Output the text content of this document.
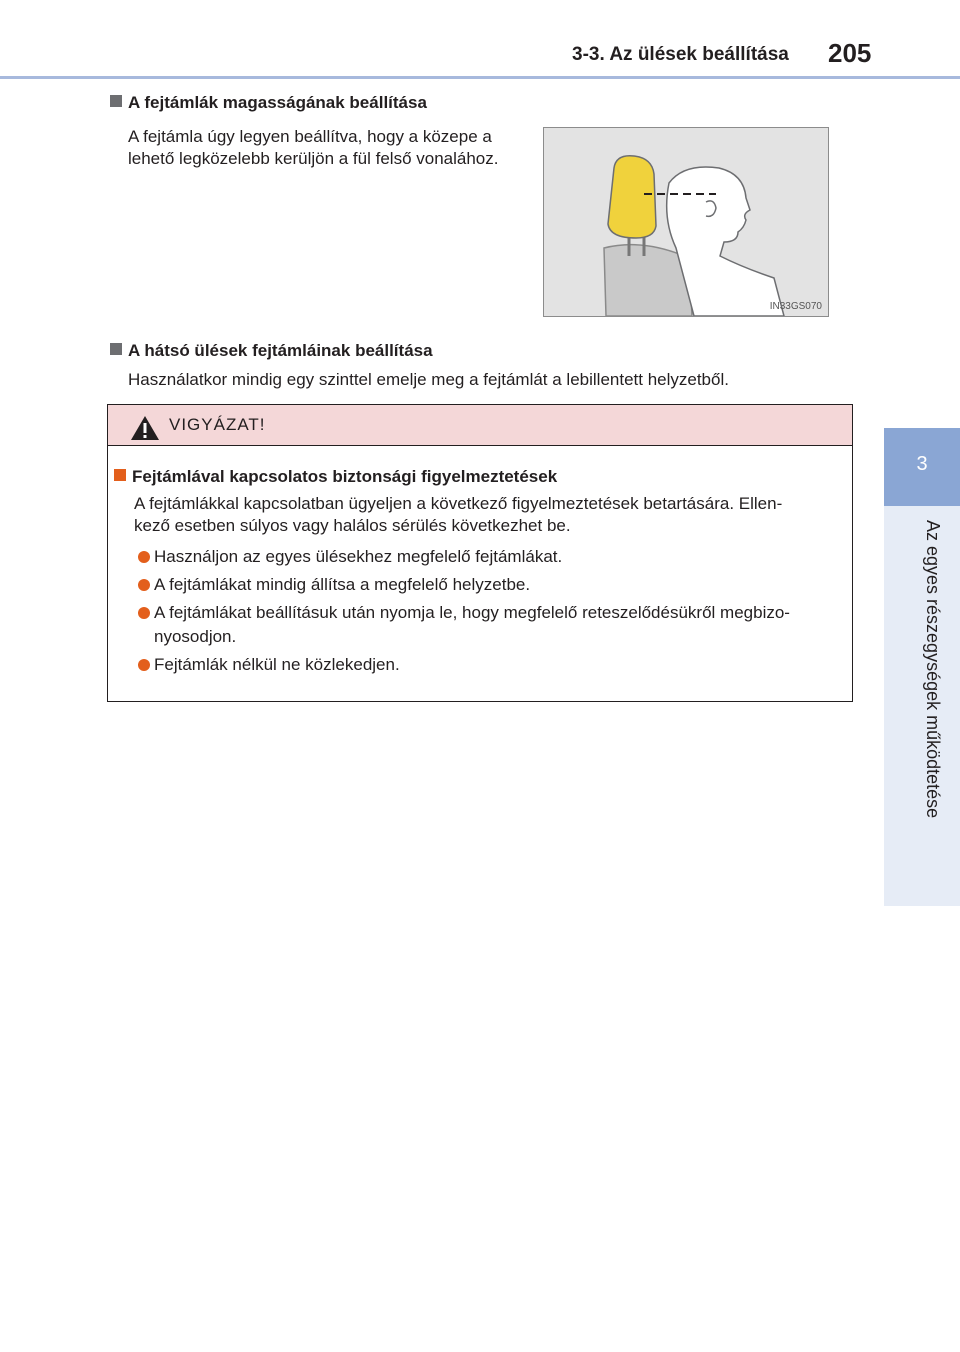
3-3. Az ülések beállítása 205
3
Az egyes részegységek működtetése
A fejtámlák magasságának beállítása
A fejtámla úgy legyen beállítva, hogy a közepe a
lehető legközelebb kerüljön a fül felső vonalához.
IN33GS070
A hátsó ülések fejtámláinak beállítása
Használatkor mindig egy szinttel emelje meg a fejtámlát a lebillentett helyzetből.
VIGYÁZAT!
Fejtámlával kapcsolatos biztonsági figyelmeztetések
A fejtámlákkal kapcsolatban ügyeljen a következő figyelmeztetések betartására. Ellen-
kező esetben súlyos vagy halálos sérülés következhet be.
Használjon az egyes ülésekhez megfelelő fejtámlákat.
A fejtámlákat mindig állítsa a megfelelő helyzetbe.
A fejtámlákat beállításuk után nyomja le, hogy megfelelő reteszelődésükről megbizo-
nyosodjon.
Fejtámlák nélkül ne közlekedjen.
